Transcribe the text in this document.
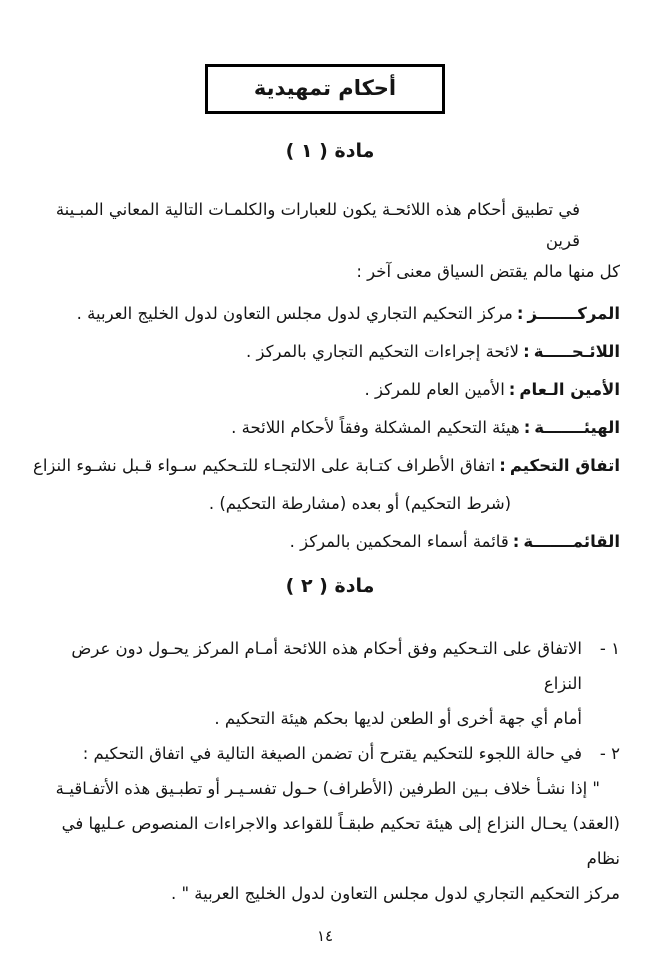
أحكام تمهيدية
مادة ( ١ )

في تطبيق أحكام هذه اللائحـة يكون للعبارات والكلمـات التالية المعاني المبـينة قرين
كل منها مالم يقتض السياق معنى آخر :

المركـــــــز:مركز التحكيم التجاري لدول مجلس التعاون لدول الخليج العربية .
اللائـحـــــة:لائحة إجراءات التحكيم التجاري بالمركز .
الأمين الـعام:الأمين العام للمركز .
الهيئـــــــة:هيئة التحكيم المشكلة وفقاً لأحكام اللائحة .
اتفاق التحكيم:اتفاق الأطراف كتـابة على الالتجـاء للتـحكيم سـواء قـبل نشـوء النزاع
(شرط التحكيم) أو بعده (مشارطة التحكيم) .
القائمـــــــة:قائمة أسماء المحكمين بالمركز .
مادة ( ٢ )
١ -
الاتفاق على التـحكيم وفق أحكام هذه اللائحة أمـام المركز يحـول دون عرض النزاع
أمام أي جهة أخرى أو الطعن لديها بحكم هيئة التحكيم .
٢ -
في حالة اللجوء للتحكيم يقترح أن تضمن الصيغة التالية في اتفاق التحكيم :
" إذا نشـأ خلاف بـين الطرفين (الأطراف) حـول تفسـيـر أو تطبـيق هذه الأتفـاقيـة
(العقد) يحـال النزاع إلى هيئة تحكيم طبقـاً للقواعد والاجراءات المنصوص عـليها في نظام
مركز التحكيم التجاري لدول مجلس التعاون لدول الخليج العربية " .
١٤
